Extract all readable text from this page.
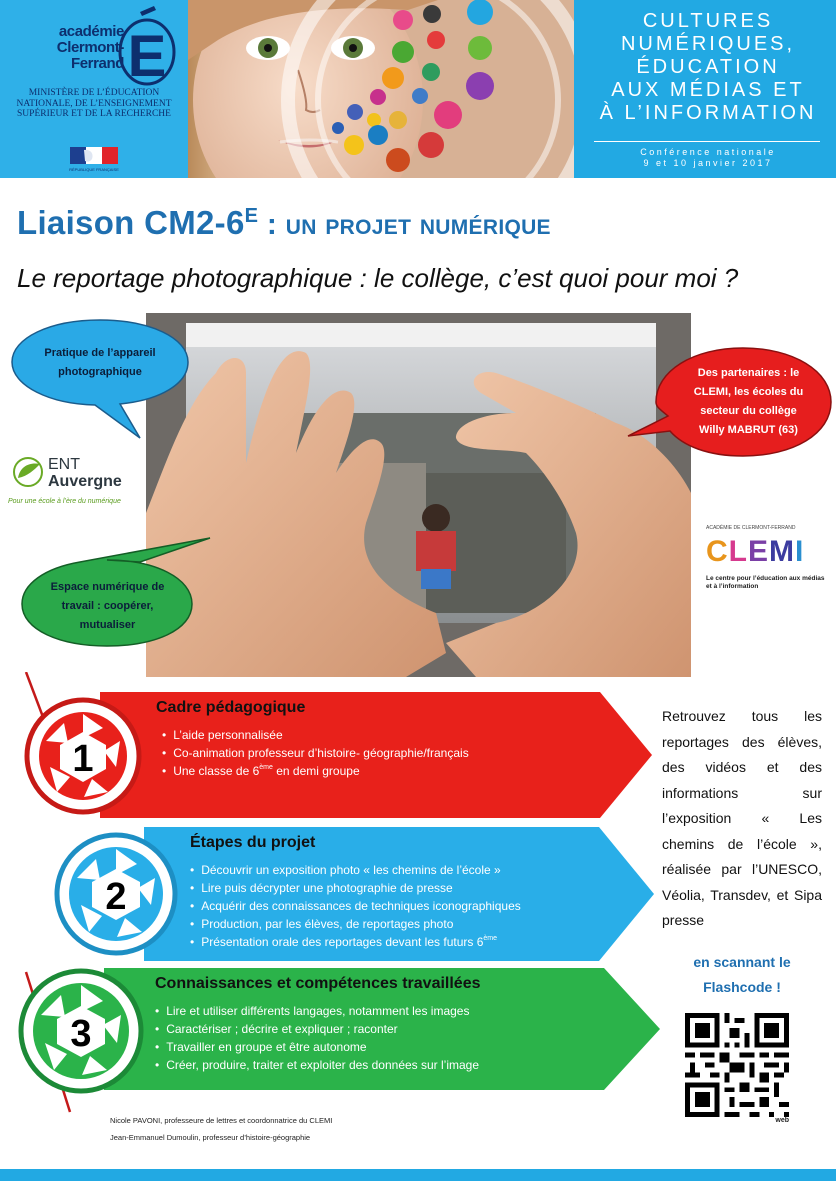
académie
Clermont-Ferrand E
MINISTÈRE DE L’ÉDUCATION NATIONALE, DE L’ENSEIGNEMENT SUPÉRIEUR ET DE LA RECHERCHE
RÉPUBLIQUE FRANÇAISE
CULTURES
NUMÉRIQUES,
ÉDUCATION
AUX MÉDIAS ET
À L’INFORMATION
Conférence nationale
9 et 10 janvier 2017
Liaison $CM2-6^E$ : un projet numérique
Le reportage photographique : le collège, c’est quoi pour moi ?
Pratique de l’appareil photographique	Des partenaires : le CLEMI, les écoles du secteur du collège Willy MABRUT (63)
Espace numérique de travail : coopérer, mutualiser
ENT
Auvergne
Pour une école à l’ère du numérique
ACADÉMIE DE CLERMONT-FERRAND
CLEMI
Le centre pour l’éducation aux médias et à l’information
Cadre pédagogique
• L’aide personnalisée
• Co-animation professeur d’histoire- géographie/français
• Une classe de 6ème en demi groupe
1
Étapes du projet
• Découvrir un exposition photo « les chemins de l’école »
• Lire puis décrypter une photographie de presse
• Acquérir des connaissances de techniques iconographiques
• Production, par les élèves, de reportages photo
• Présentation orale des reportages devant les futurs 6ème
2
Connaissances et compétences travaillées
• Lire et utiliser différents langages, notamment les images
• Caractériser ; décrire et expliquer ; raconter
• Travailler en groupe et être autonome
• Créer, produire, traiter et exploiter des données sur l’image
3
Retrouvez tous les reportages des élèves, des vidéos et des informations sur l’exposition « Les chemins de l’école », réalisée par l’UNESCO, Véolia, Transdev, et Sipa presse
en scannant le Flashcode !
web
Nicole PAVONI, professeure de lettres et coordonnatrice du CLEMI
Jean-Emmanuel Dumoulin, professeur d’histoire-géographie
